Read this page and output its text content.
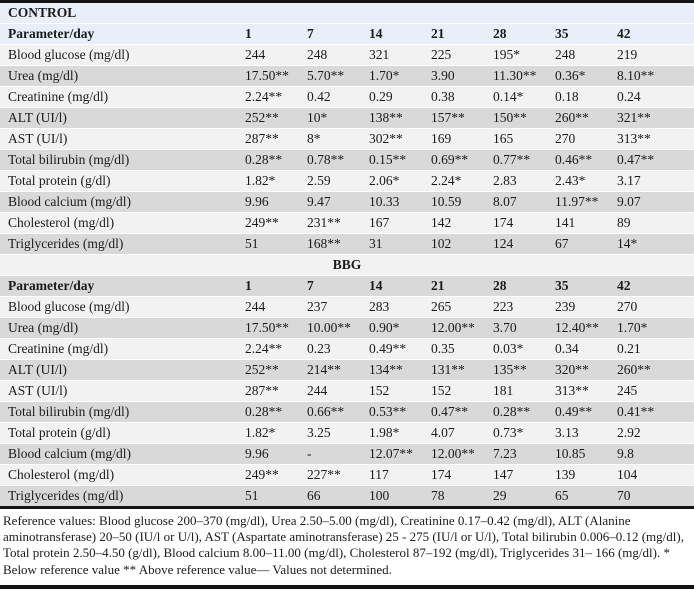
CONTROL							
Parameter/day	1	7	14	21	28	35	42
Blood glucose (mg/dl)	244	248	321	225	195*	248	219
Urea (mg/dl)	17.50**	5.70**	1.70*	3.90	11.30**	0.36*	8.10**
Creatinine (mg/dl)	2.24**	0.42	0.29	0.38	0.14*	0.18	0.24
ALT (UI/l)	252**	10*	138**	157**	150**	260**	321**
AST (UI/l)	287**	8*	302**	169	165	270	313**
Total bilirubin (mg/dl)	0.28**	0.78**	0.15**	0.69**	0.77**	0.46**	0.47**
Total protein (g/dl)	1.82*	2.59	2.06*	2.24*	2.83	2.43*	3.17
Blood calcium (mg/dl)	9.96	9.47	10.33	10.59	8.07	11.97**	9.07
Cholesterol (mg/dl)	249**	231**	167	142	174	141	89
Triglycerides (mg/dl)	51	168**	31	102	124	67	14*
BBG							
Parameter/day	1	7	14	21	28	35	42
Blood glucose (mg/dl)	244	237	283	265	223	239	270
Urea (mg/dl)	17.50**	10.00**	0.90*	12.00**	3.70	12.40**	1.70*
Creatinine (mg/dl)	2.24**	0.23	0.49**	0.35	0.03*	0.34	0.21
ALT (UI/l)	252**	214**	134**	131**	135**	320**	260**
AST (UI/l)	287**	244	152	152	181	313**	245
Total bilirubin (mg/dl)	0.28**	0.66**	0.53**	0.47**	0.28**	0.49**	0.41**
Total protein (g/dl)	1.82*	3.25	1.98*	4.07	0.73*	3.13	2.92
Blood calcium (mg/dl)	9.96	-	12.07**	12.00**	7.23	10.85	9.8
Cholesterol (mg/dl)	249**	227**	117	174	147	139	104
Triglycerides (mg/dl)	51	66	100	78	29	65	70
Reference values: Blood glucose 200–370 (mg/dl), Urea 2.50–5.00 (mg/dl), Creatinine 0.17–0.42 (mg/dl), ALT (Alanine aminotransferase) 20–50 (IU/l or U/l), AST (Aspartate aminotransferase) 25 - 275 (IU/l or U/l), Total bilirubin 0.006–0.12 (mg/dl), Total protein 2.50–4.50 (g/dl), Blood calcium 8.00–11.00 (mg/dl), Cholesterol 87–192 (mg/dl), Triglycerides 31– 166 (mg/dl). * Below reference value ** Above reference value— Values not determined.
